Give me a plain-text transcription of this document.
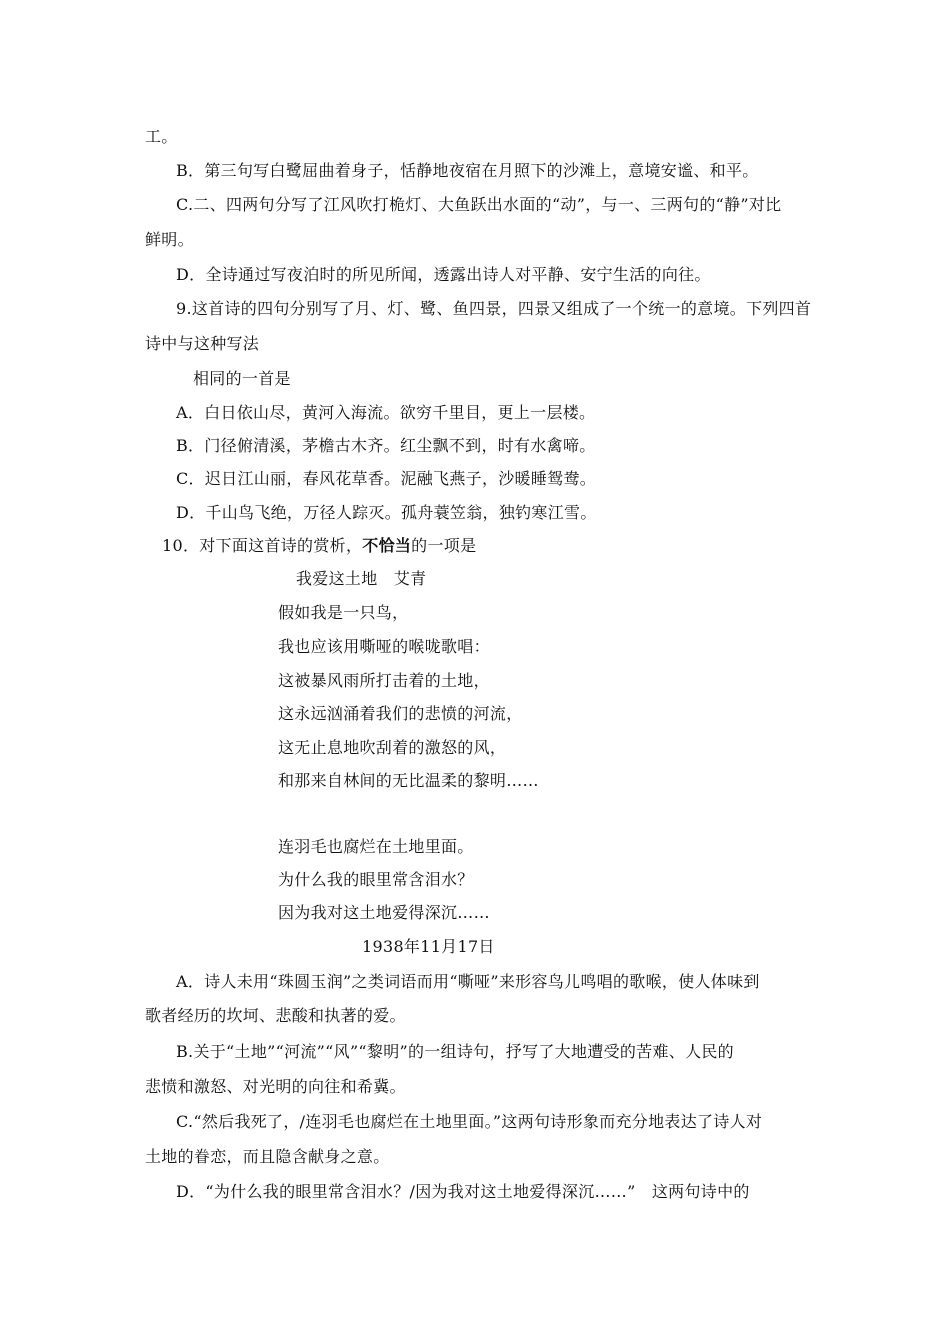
工。
B．第三句写白鹭屈曲着身子，恬静地夜宿在月照下的沙滩上，意境安谧、和平。
C.二、四两句分写了江风吹打桅灯、大鱼跃出水面的“动”，与一、三两句的“静”对比
鲜明。
D．全诗通过写夜泊时的所见所闻，透露出诗人对平静、安宁生活的向往。
9.这首诗的四句分别写了月、灯、鹭、鱼四景，四景又组成了一个统一的意境。下列四首
诗中与这种写法
相同的一首是
A．白日依山尽，黄河入海流。欲穷千里目，更上一层楼。
B．门径俯清溪，茅檐古木齐。红尘飘不到，时有水禽啼。
C．迟日江山丽，春风花草香。泥融飞燕子，沙暖睡鸳鸯。
D．千山鸟飞绝，万径人踪灭。孤舟蓑笠翁，独钓寒江雪。
10．对下面这首诗的赏析，不恰当的一项是
我爱这土地　艾青
假如我是一只鸟，
我也应该用嘶哑的喉咙歌唱：
这被暴风雨所打击着的土地，
这永远汹涌着我们的悲愤的河流，
这无止息地吹刮着的激怒的风，
和那来自林间的无比温柔的黎明……
连羽毛也腐烂在土地里面。
为什么我的眼里常含泪水？
因为我对这土地爱得深沉……
1938年11月17日
A．诗人未用“珠圆玉润”之类词语而用“嘶哑”来形容鸟儿鸣唱的歌喉，使人体味到
歌者经历的坎坷、悲酸和执著的爱。
B.关于“土地”“河流”“风”“黎明”的一组诗句，抒写了大地遭受的苦难、人民的
悲愤和激怒、对光明的向往和希冀。
C.“然后我死了，/连羽毛也腐烂在土地里面。”这两句诗形象而充分地表达了诗人对
土地的眷恋，而且隐含献身之意。
D．“为什么我的眼里常含泪水？/因为我对这土地爱得深沉……”　这两句诗中的
